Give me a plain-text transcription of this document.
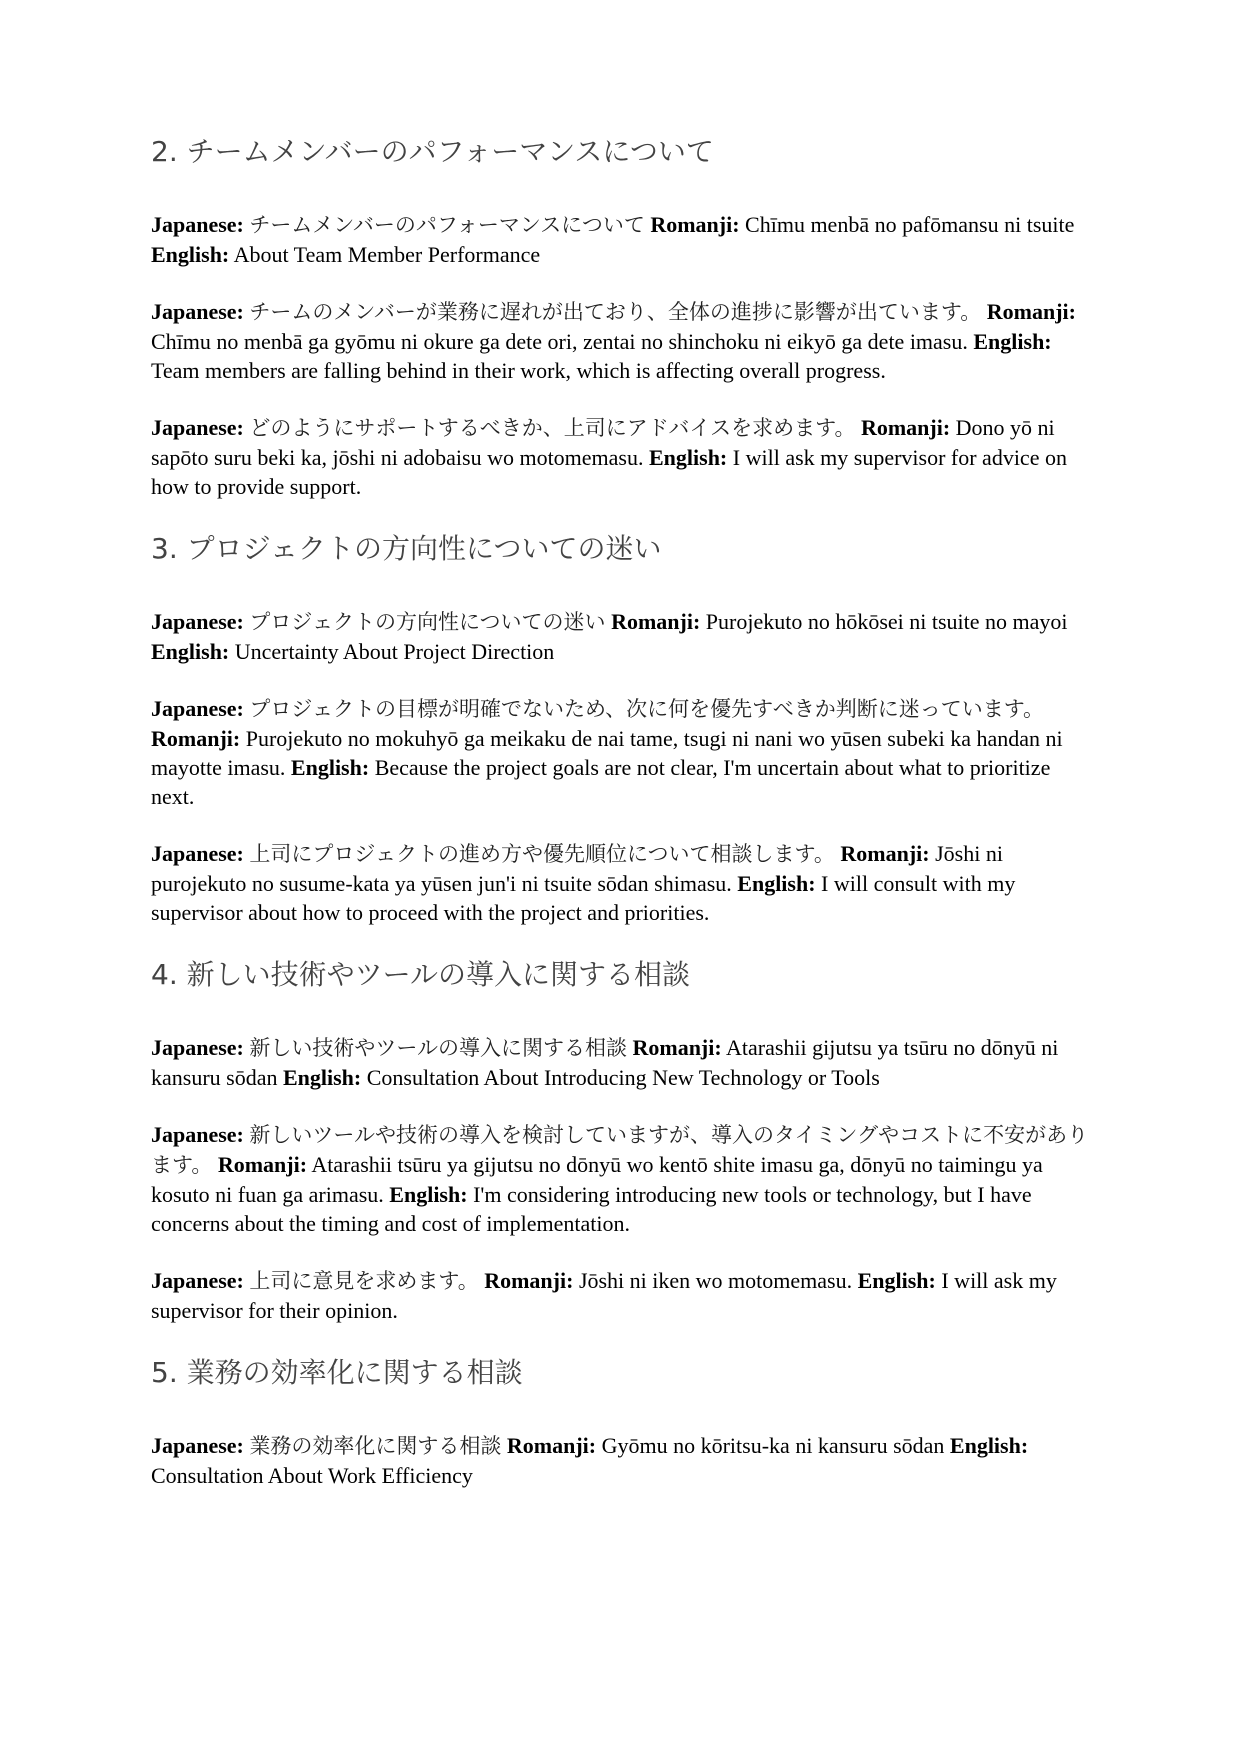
2. チームメンバーのパフォーマンスについて

Japanese: チームメンバーのパフォーマンスについて Romanji: Chīmu menbā no pafōmansu ni tsuite English: About Team Member Performance

Japanese: チームのメンバーが業務に遅れが出ており、全体の進捗に影響が出ています。 Romanji: Chīmu no menbā ga gyōmu ni okure ga dete ori, zentai no shinchoku ni eikyō ga dete imasu. English: Team members are falling behind in their work, which is affecting overall progress.

Japanese: どのようにサポートするべきか、上司にアドバイスを求めます。 Romanji: Dono yō ni sapōto suru beki ka, jōshi ni adobaisu wo motomemasu. English: I will ask my supervisor for advice on how to provide support.

3. プロジェクトの方向性についての迷い

Japanese: プロジェクトの方向性についての迷い Romanji: Purojekuto no hōkōsei ni tsuite no mayoi English: Uncertainty About Project Direction

Japanese: プロジェクトの目標が明確でないため、次に何を優先すべきか判断に迷っています。 Romanji: Purojekuto no mokuhyō ga meikaku de nai tame, tsugi ni nani wo yūsen subeki ka handan ni mayotte imasu. English: Because the project goals are not clear, I'm uncertain about what to prioritize next.

Japanese: 上司にプロジェクトの進め方や優先順位について相談します。 Romanji: Jōshi ni purojekuto no susume-kata ya yūsen jun'i ni tsuite sōdan shimasu. English: I will consult with my supervisor about how to proceed with the project and priorities.

4. 新しい技術やツールの導入に関する相談

Japanese: 新しい技術やツールの導入に関する相談 Romanji: Atarashii gijutsu ya tsūru no dōnyū ni kansuru sōdan English: Consultation About Introducing New Technology or Tools

Japanese: 新しいツールや技術の導入を検討していますが、導入のタイミングやコストに不安があります。 Romanji: Atarashii tsūru ya gijutsu no dōnyū wo kentō shite imasu ga, dōnyū no taimingu ya kosuto ni fuan ga arimasu. English: I'm considering introducing new tools or technology, but I have concerns about the timing and cost of implementation.

Japanese: 上司に意見を求めます。 Romanji: Jōshi ni iken wo motomemasu. English: I will ask my supervisor for their opinion.

5. 業務の効率化に関する相談

Japanese: 業務の効率化に関する相談 Romanji: Gyōmu no kōritsu-ka ni kansuru sōdan English: Consultation About Work Efficiency
